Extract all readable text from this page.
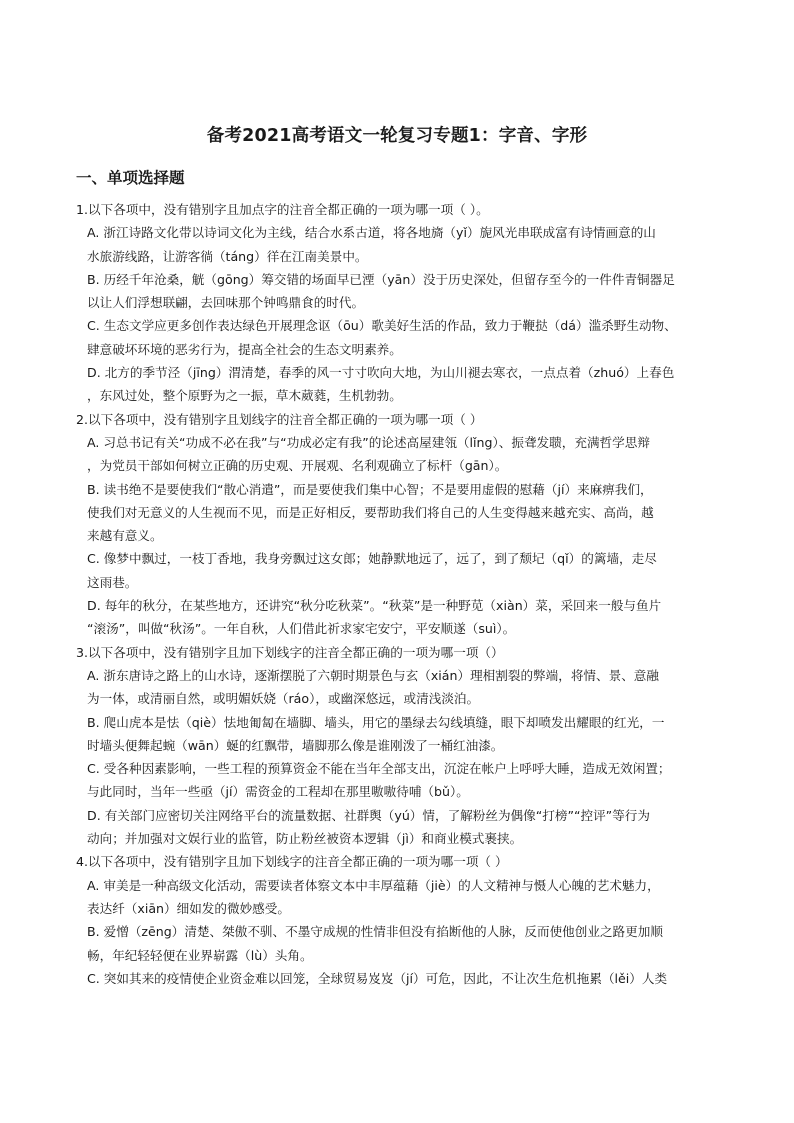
备考2021高考语文一轮复习专题1：字音、字形
一、单项选择题
1.以下各项中，没有错别字且加点字的注音全都正确的一项为哪一项（ ）。
A. 浙江诗路文化带以诗词文化为主线，结合水系古道，将各地旖（yǐ）旎风光串联成富有诗情画意的山
水旅游线路，让游客徜（táng）徉在江南美景中。
B. 历经千年沧桑，觥（gōng）筹交错的场面早已湮（yān）没于历史深处，但留存至今的一件件青铜器足
以让人们浮想联翩，去回味那个钟鸣鼎食的时代。
C. 生态文学应更多创作表达绿色开展理念讴（ōu）歌美好生活的作品，致力于鞭挞（dá）滥杀野生动物、
肆意破坏环境的恶劣行为，提高全社会的生态文明素养。
D. 北方的季节泾（jīng）渭清楚，春季的风一寸寸吹向大地，为山川褪去寒衣，一点点着（zhuó）上春色
，东风过处，整个原野为之一振，草木葳蕤，生机勃勃。
2.以下各项中，没有错别字且划线字的注音全都正确的一项为哪一项（ ）
A. 习总书记有关“功成不必在我”与“功成必定有我”的论述高屋建瓴（lǐng）、振聋发聩，充满哲学思辩
，为党员干部如何树立正确的历史观、开展观、名利观确立了标杆（gān）。
B. 读书绝不是要使我们“散心消遣”，而是要使我们集中心智；不是要用虚假的慰藉（jí）来麻痹我们，
使我们对无意义的人生视而不见，而是正好相反，要帮助我们将自己的人生变得越来越充实、高尚，越
来越有意义。
C. 像梦中飘过，一枝丁香地，我身旁飘过这女郎；她静默地远了，远了，到了颓圮（qǐ）的篱墙，走尽
这雨巷。
D. 每年的秋分，在某些地方，还讲究“秋分吃秋菜”。“秋菜”是一种野苋（xiàn）菜，采回来一般与鱼片
“滚汤”，叫做“秋汤”。一年自秋，人们借此祈求家宅安宁，平安顺遂（suì）。
3.以下各项中，没有错别字且加下划线字的注音全都正确的一项为哪一项（）
A. 浙东唐诗之路上的山水诗，逐渐摆脱了六朝时期景色与玄（xián）理相割裂的弊端，将情、景、意融
为一体，或清丽自然，或明媚妖娆（ráo），或幽深悠远，或清浅淡泊。
B. 爬山虎本是怯（qiè）怯地匍匐在墙脚、墙头，用它的墨绿去勾线填缝，眼下却喷发出耀眼的红光，一
时墙头便舞起蜿（wān）蜒的红飘带，墙脚那么像是谁刚泼了一桶红油漆。
C. 受各种因素影响，一些工程的预算资金不能在当年全部支出，沉淀在帐户上呼呼大睡，造成无效闲置；
与此同时，当年一些亟（jí）需资金的工程却在那里嗷嗷待哺（bǔ）。
D. 有关部门应密切关注网络平台的流量数据、社群舆（yú）情，了解粉丝为偶像“打榜”“控评”等行为
动向；并加强对文娱行业的监管，防止粉丝被资本逻辑（jì）和商业模式裹挟。
4.以下各项中，没有错别字且加下划线字的注音全都正确的一项为哪一项（ ）
A. 审美是一种高级文化活动，需要读者体察文本中丰厚蕴藉（jiè）的人文精神与慑人心魄的艺术魅力，
表达纤（xiān）细如发的微妙感受。
B. 爱憎（zēng）清楚、桀傲不驯、不墨守成规的性情非但没有掐断他的人脉，反而使他创业之路更加顺
畅，年纪轻轻便在业界崭露（lù）头角。
C. 突如其来的疫情使企业资金难以回笼，全球贸易岌岌（jí）可危，因此，不让次生危机拖累（lěi）人类
